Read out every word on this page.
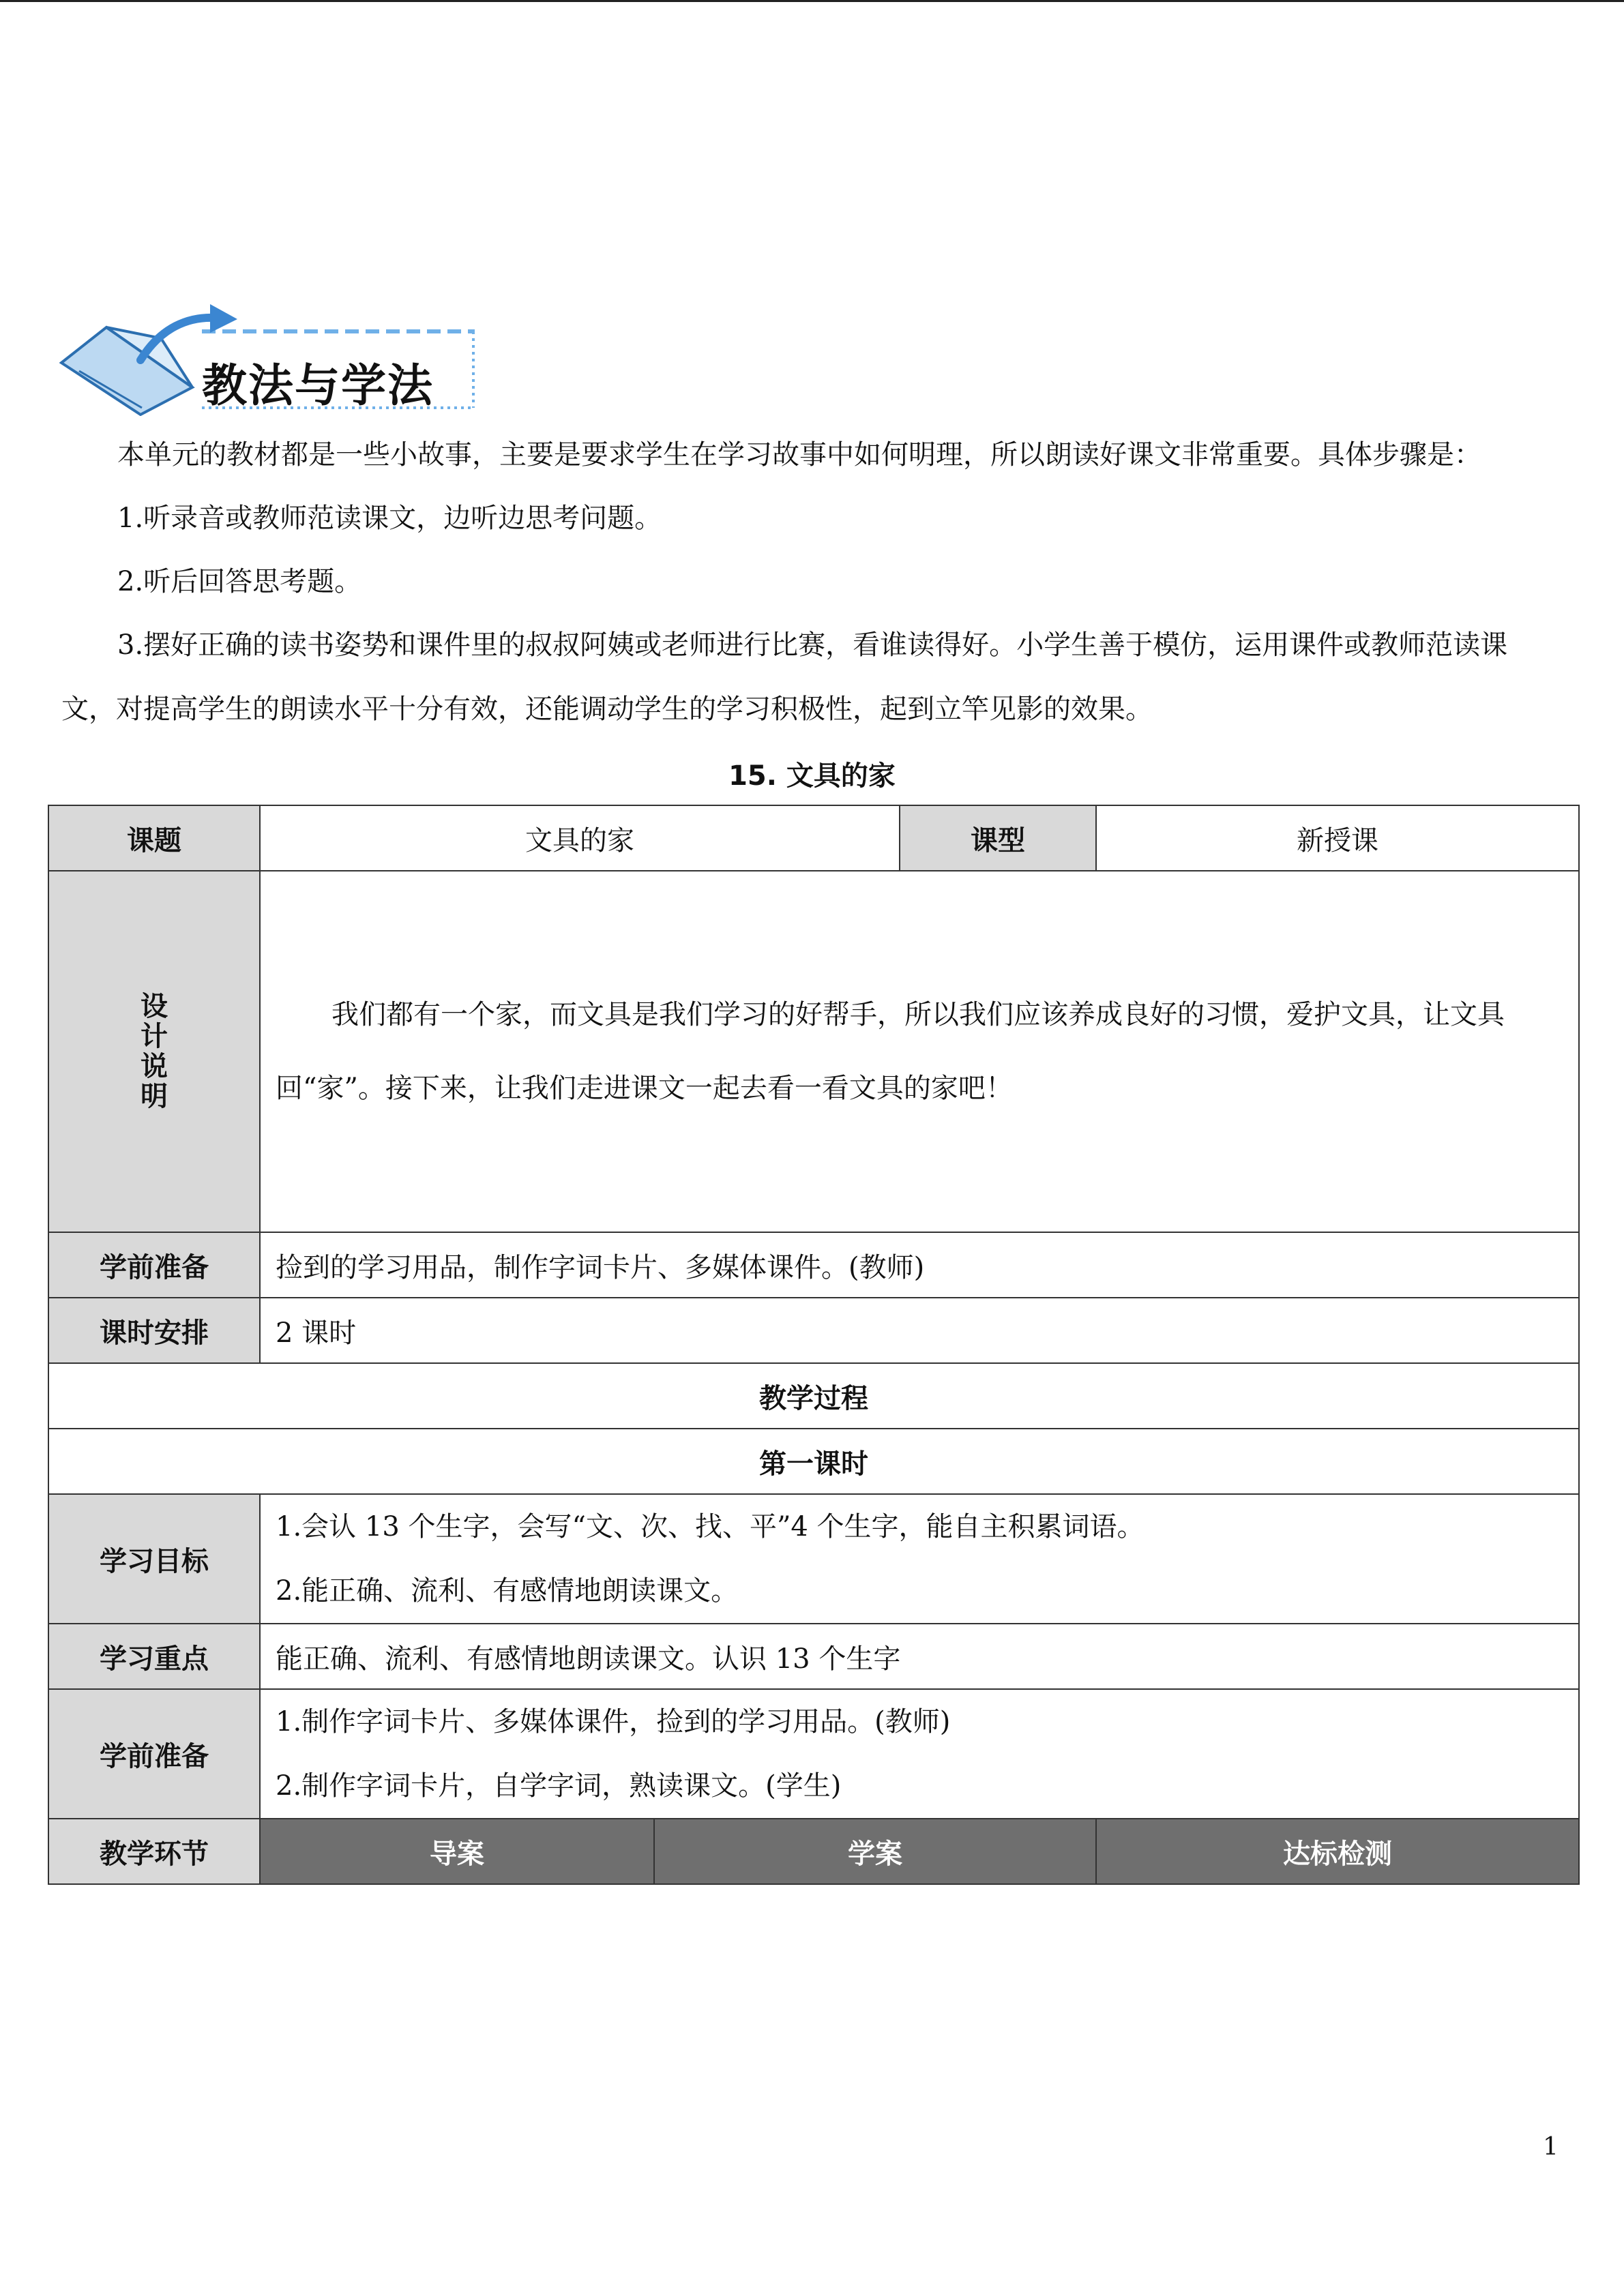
教法与学法

本单元的教材都是一些小故事，主要是要求学生在学习故事中如何明理，所以朗读好课文非常重要。具体步骤是：

1.听录音或教师范读课文，边听边思考问题。

2.听后回答思考题。

3.摆好正确的读书姿势和课件里的叔叔阿姨或老师进行比赛，看谁读得好。小学生善于模仿，运用课件或教师范读课文，对提高学生的朗读水平十分有效，还能调动学生的学习积极性，起到立竿见影的效果。

15. 文具的家
课题	文具的家		课型	新授课

设
计
说
明	我们都有一个家，而文具是我们学习的好帮手，所以我们应该养成良好的习惯，爱护文具，让文具回“家”。接下来，让我们走进课文一起去看一看文具的家吧！			
学前准备	捡到的学习用品，制作字词卡片、多媒体课件。(教师)			
课时安排	2 课时			
教学过程				
第一课时				
学习目标	1.会认 13 个生字，会写“文、次、找、平”4 个生字，能自主积累词语。
2.能正确、流利、有感情地朗读课文。			

学习重点	能正确、流利、有感情地朗读课文。认识 13 个生字			
学前准备	1.制作字词卡片、多媒体课件，捡到的学习用品。(教师)
2.制作字词卡片，自学字词，熟读课文。(学生)			

教学环节	导案	学案		达标检测
1
